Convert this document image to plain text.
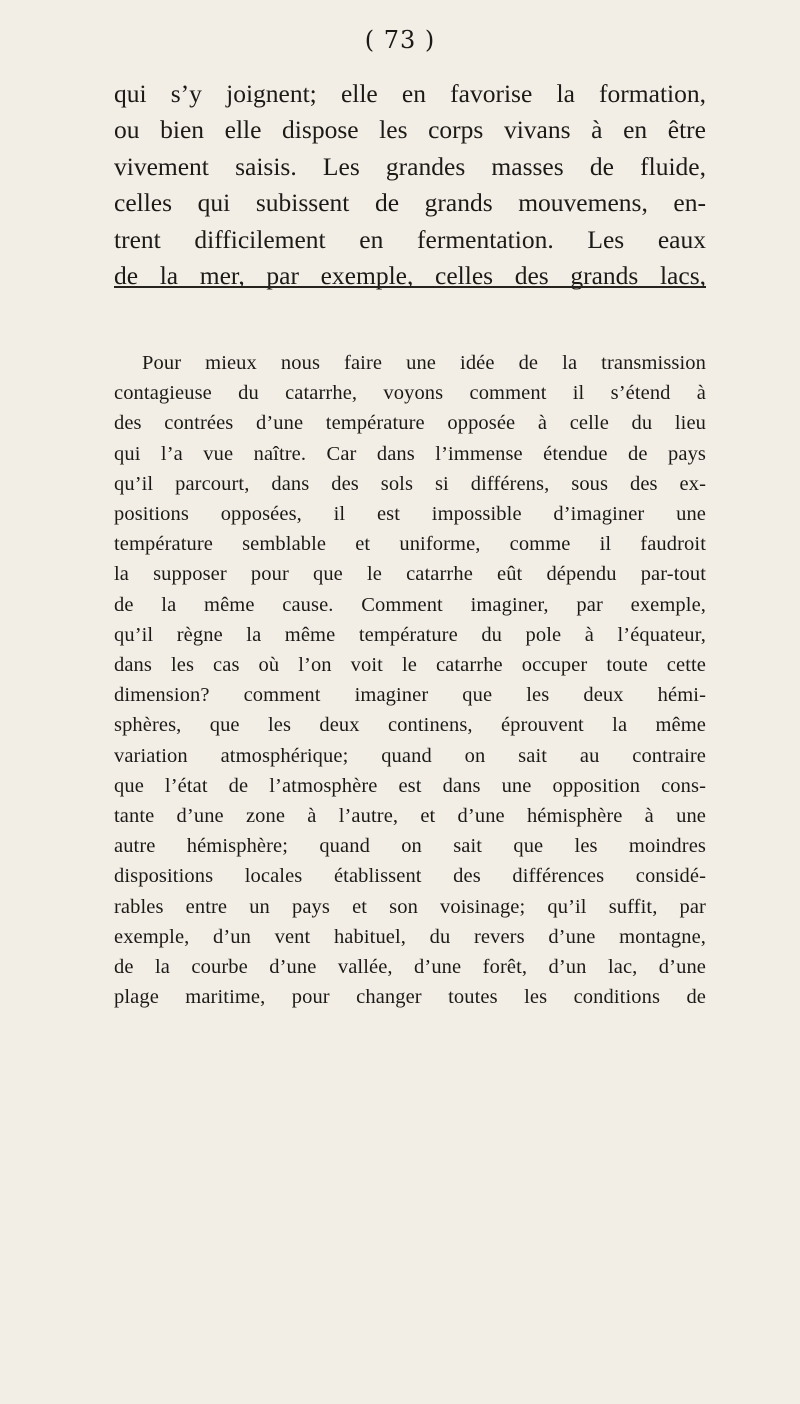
( 73 )
qui s’y joignent; elle en favorise la formation,
ou bien elle dispose les corps vivans à en être
vivement saisis. Les grandes masses de fluide,
celles qui subissent de grands mouvemens, en-
trent difficilement en fermentation. Les eaux
de la mer, par exemple, celles des grands lacs,
Pour mieux nous faire une idée de la transmission
contagieuse du catarrhe, voyons comment il s’étend à
des contrées d’une température opposée à celle du lieu
qui l’a vue naître. Car dans l’immense étendue de pays
qu’il parcourt, dans des sols si différens, sous des ex-
positions opposées, il est impossible d’imaginer une
température semblable et uniforme, comme il faudroit
la supposer pour que le catarrhe eût dépendu par-tout
de la même cause. Comment imaginer, par exemple,
qu’il règne la même température du pole à l’équateur,
dans les cas où l’on voit le catarrhe occuper toute cette
dimension? comment imaginer que les deux hémi-
sphères, que les deux continens, éprouvent la même
variation atmosphérique; quand on sait au contraire
que l’état de l’atmosphère est dans une opposition cons-
tante d’une zone à l’autre, et d’une hémisphère à une
autre hémisphère; quand on sait que les moindres
dispositions locales établissent des différences considé-
rables entre un pays et son voisinage; qu’il suffit, par
exemple, d’un vent habituel, du revers d’une montagne,
de la courbe d’une vallée, d’une forêt, d’un lac, d’une
plage maritime, pour changer toutes les conditions de
